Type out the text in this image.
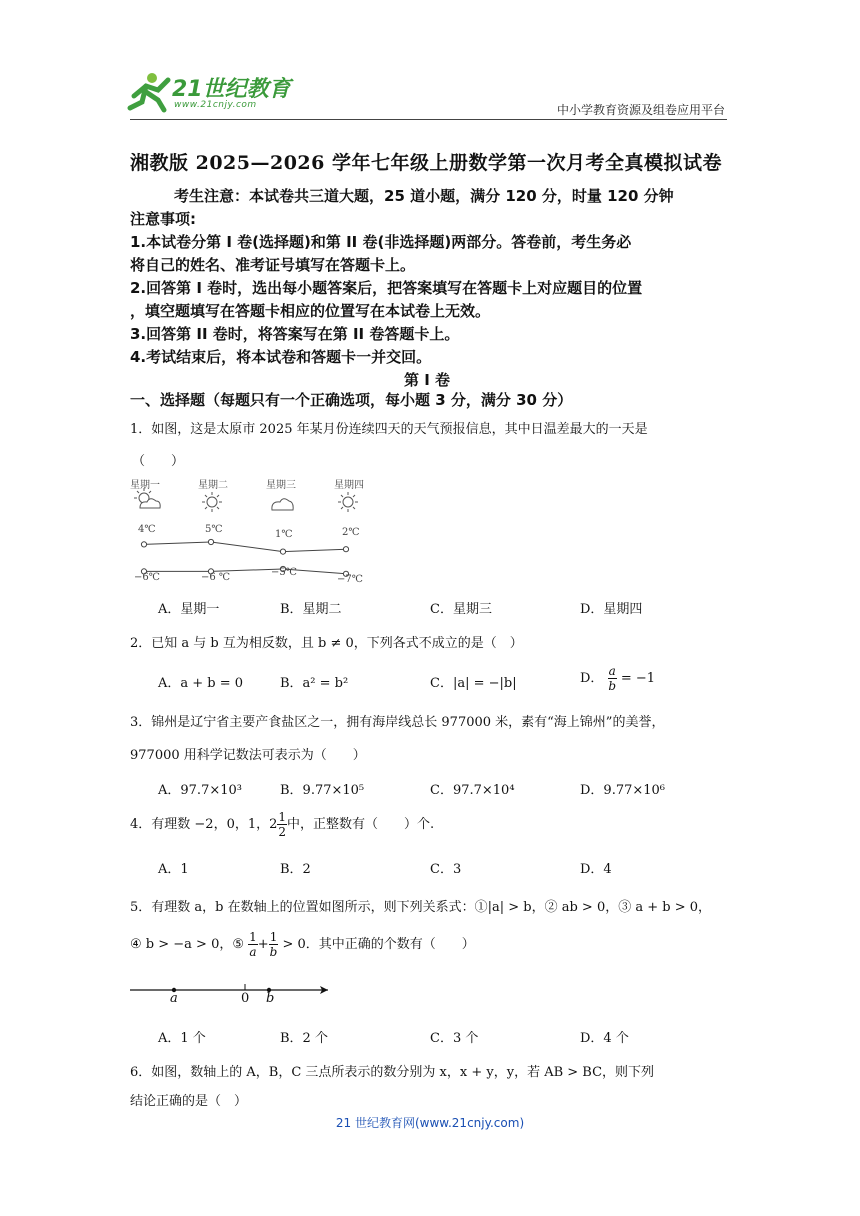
21世纪教育
www.21cnjy.com	中小学教育资源及组卷应用平台
湘教版 2025—2026 学年七年级上册数学第一次月考全真模拟试卷
考生注意：本试卷共三道大题，25 道小题，满分 120 分，时量 120 分钟
注意事项:
1.本试卷分第 I 卷(选择题)和第 II 卷(非选择题)两部分。答卷前，考生务必
将自己的姓名、准考证号填写在答题卡上。
2.回答第 I 卷时，选出每小题答案后，把答案填写在答题卡上对应题目的位置
，填空题填写在答题卡相应的位置写在本试卷上无效。
3.回答第 II 卷时，将答案写在第 II 卷答题卡上。
4.考试结束后，将本试卷和答题卡一并交回。
第 I 卷
一、选择题（每题只有一个正确选项，每小题 3 分，满分 30 分）
1．如图，这是太原市 2025 年某月份连续四天的天气预报信息，其中日温差最大的一天是
（　　）
星期一	星期二	星期三	星期四
4℃	5℃	1℃	2℃
−6℃	−6 ℃	−5℃
−7℃
A．星期一	B．星期二	C．星期三	D．星期四
2．已知 a 与 b 互为相反数，且 b ≠ 0，下列各式不成立的是（　）
A．a + b = 0	B．a² = b²	C．|a| = −|b|	D． $\frac{a}{b} = -1$
3．锦州是辽宁省主要产食盐区之一，拥有海岸线总长 977000 米，素有“海上锦州”的美誉，
977000 用科学记数法可表示为（　　）
A．97.7×10³	B．9.77×10⁵	C．97.7×10⁴	D．9.77×10⁶
4．有理数 −2，0，1，$2 \frac{1}{2}$ 中，正整数有（　　）个.
A．1	B．2	C．3	D．4
5．有理数 a，b 在数轴上的位置如图所示，则下列关系式：①|a| > b，② ab > 0，③ a + b > 0，
④ b > −a > 0，⑤ $\frac{1}{a} + \frac{1}{b} > 0$．其中正确的个数有（　　）
a	0 b
A．1 个	B．2 个	C．3 个	D．4 个
6．如图，数轴上的 A，B，C 三点所表示的数分别为 x，x + y，y，若 AB > BC，则下列
结论正确的是（　）
21 世纪教育网(www.21cnjy.com)
